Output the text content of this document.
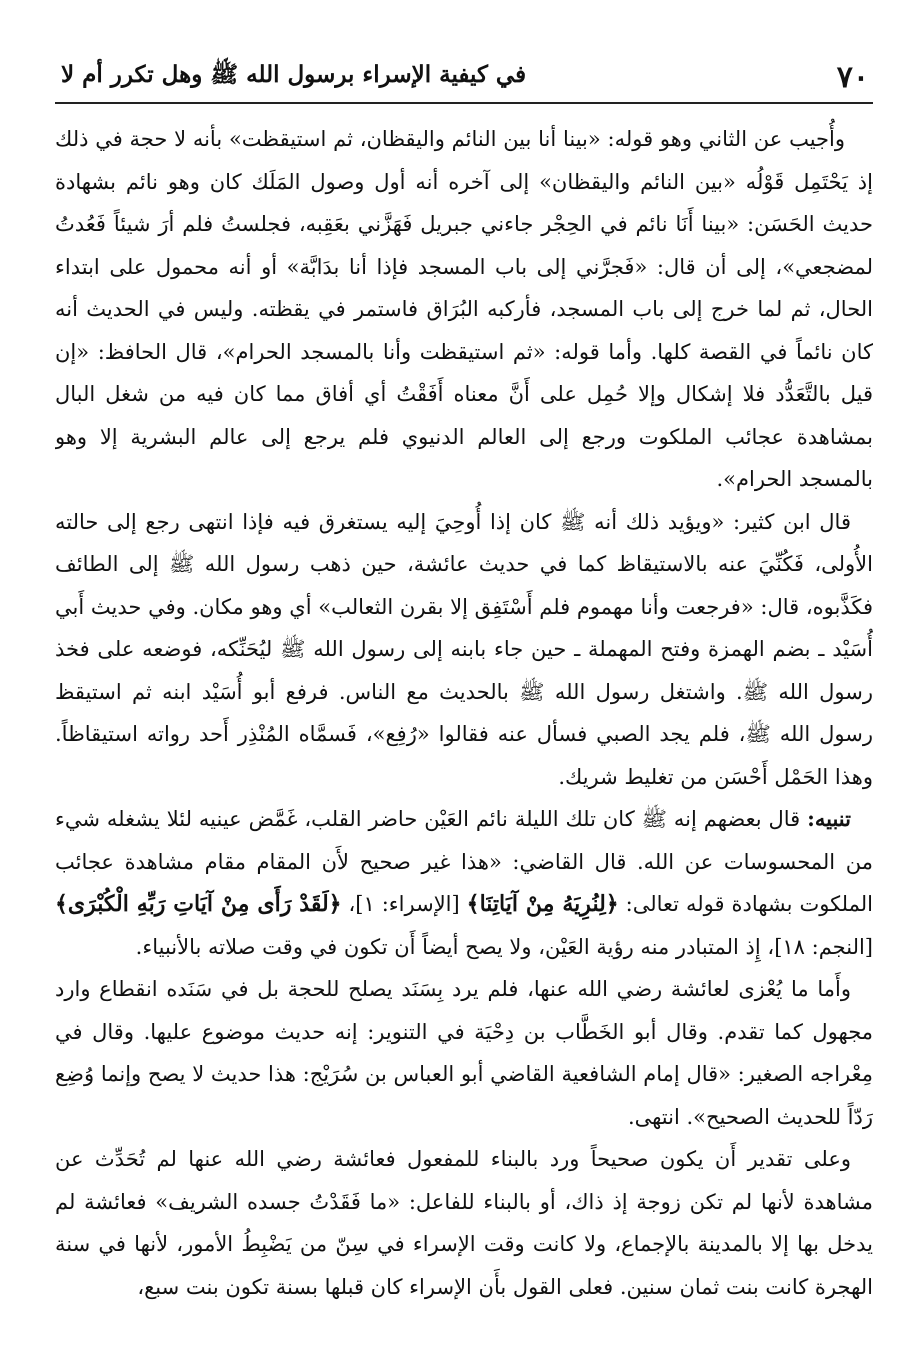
٧٠
في كيفية الإسراء برسول الله ﷺ وهل تكرر أم لا

وأُجيب عن الثاني وهو قوله: «بينا أنا بين النائم واليقظان، ثم استيقظت» بأنه لا حجة في ذلك إذ يَحْتَمِل قَوْلُه «بين النائم واليقظان» إلى آخره أنه أول وصول المَلَك كان وهو نائم بشهادة حديث الحَسَن: «بينا أَنَا نائم في الحِجْر جاءني جبريل فَهَزَّني بعَقِبه، فجلستُ فلم أرَ شيئاً فَعُدتُ لمضجعي»، إلى أن قال: «فَجرَّني إلى باب المسجد فإذا أنا بدَابَّة» أو أنه محمول على ابتداء الحال، ثم لما خرج إلى باب المسجد، فأركبه البُرَاق فاستمر في يقظته. وليس في الحديث أنه كان نائماً في القصة كلها. وأما قوله: «ثم استيقظت وأنا بالمسجد الحرام»، قال الحافظ: «إن قيل بالتَّعَدُّد فلا إشكال وإلا حُمِل على أَنَّ معناه أَفَقْتُ أي أفاق مما كان فيه من شغل البال بمشاهدة عجائب الملكوت ورجع إلى العالم الدنيوي فلم يرجع إلى عالم البشرية إلا وهو بالمسجد الحرام».

قال ابن كثير: «ويؤيد ذلك أنه ﷺ كان إذا أُوحِيَ إليه يستغرق فيه فإذا انتهى رجع إلى حالته الأُولى، فَكُنِّيَ عنه بالاستيقاظ كما في حديث عائشة، حين ذهب رسول الله ﷺ إلى الطائف فكَذَّبوه، قال: «فرجعت وأنا مهموم فلم أَسْتَفِق إلا بقرن الثعالب» أي وهو مكان. وفي حديث أَبي أُسَيْد ـ بضم الهمزة وفتح المهملة ـ حين جاء بابنه إلى رسول الله ﷺ ليُحَنِّكه، فوضعه على فخذ رسول الله ﷺ. واشتغل رسول الله ﷺ بالحديث مع الناس. فرفع أبو أُسَيْد ابنه ثم استيقظ رسول الله ﷺ، فلم يجد الصبي فسأل عنه فقالوا «رُفِع»، فَسمَّاه المُنْذِر أَحد رواته استيقاظاً. وهذا الحَمْل أَحْسَن من تغليط شريك.

تنبيه: قال بعضهم إنه ﷺ كان تلك الليلة نائم العَيْن حاضر القلب، غَمَّض عينيه لئلا يشغله شيء من المحسوسات عن الله. قال القاضي: «هذا غير صحيح لأَن المقام مقام مشاهدة عجائب الملكوت بشهادة قوله تعالى: ﴿لِنُرِيَهُ مِنْ آيَاتِنَا﴾ [الإسراء: ١]، ﴿لَقَدْ رَأَى مِنْ آيَاتِ رَبِّهِ الْكُبْرَى﴾ [النجم: ١٨]، إِذ المتبادر منه رؤية العَيْن، ولا يصح أيضاً أَن تكون في وقت صلاته بالأنبياء.

وأَما ما يُعْزى لعائشة رضي الله عنها، فلم يرد بِسَنَد يصلح للحجة بل في سَنَده انقطاع وارد مجهول كما تقدم. وقال أبو الخَطَّاب بن دِحْيَة في التنوير: إنه حديث موضوع عليها. وقال في مِعْراجه الصغير: «قال إمام الشافعية القاضي أبو العباس بن سُرَيْج: هذا حديث لا يصح وإنما وُضِع رَدّاً للحديث الصحيح». انتهى.

وعلى تقدير أَن يكون صحيحاً ورد بالبناء للمفعول فعائشة رضي الله عنها لم تُحَدِّث عن مشاهدة لأنها لم تكن زوجة إذ ذاك، أو بالبناء للفاعل: «ما فَقَدْتُ جسده الشريف» فعائشة لم يدخل بها إلا بالمدينة بالإجماع، ولا كانت وقت الإسراء في سِنّ من يَضْبِطُ الأمور، لأنها في سنة الهجرة كانت بنت ثمان سنين. فعلى القول بأَن الإسراء كان قبلها بسنة تكون بنت سبع،
